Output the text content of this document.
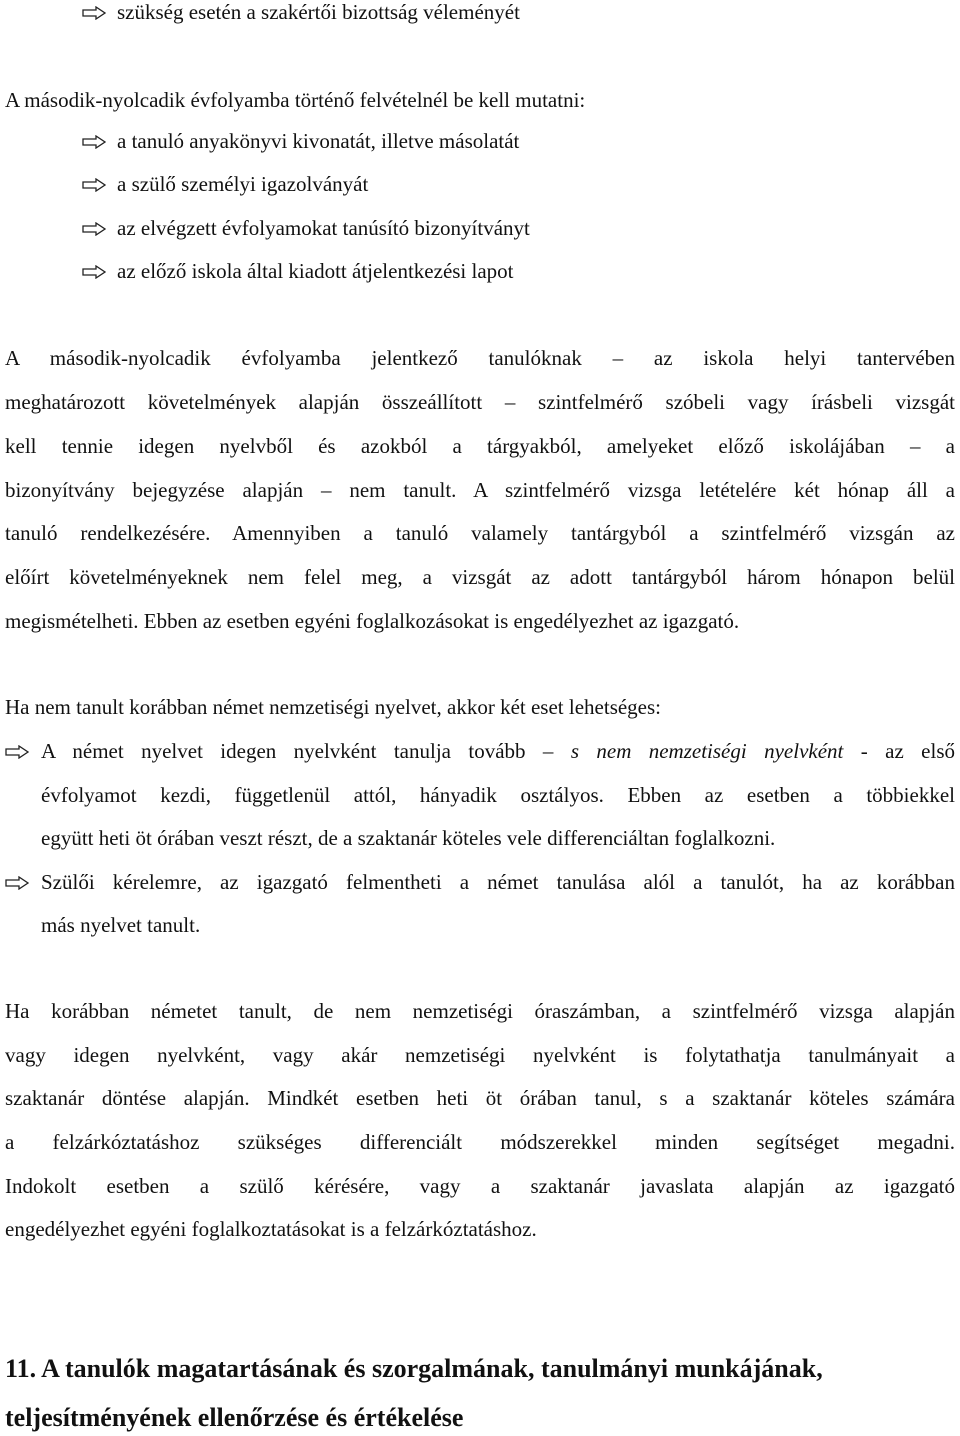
szükség esetén a szakértői bizottság véleményét
A második-nyolcadik évfolyamba történő felvételnél be kell mutatni:
a tanuló anyakönyvi kivonatát, illetve másolatát
a szülő személyi igazolványát
az elvégzett évfolyamokat tanúsító bizonyítványt
az előző iskola által kiadott átjelentkezési lapot
A második-nyolcadik évfolyamba jelentkező tanulóknak – az iskola helyi tantervében
meghatározott követelmények alapján összeállított – szintfelmérő szóbeli vagy írásbeli vizsgát
kell tennie idegen nyelvből és azokból a tárgyakból, amelyeket előző iskolájában – a
bizonyítvány bejegyzése alapján – nem tanult. A szintfelmérő vizsga letételére két hónap áll a
tanuló rendelkezésére. Amennyiben a tanuló valamely tantárgyból a szintfelmérő vizsgán az
előírt követelményeknek nem felel meg, a vizsgát az adott tantárgyból három hónapon belül
megismételheti. Ebben az esetben egyéni foglalkozásokat is engedélyezhet az igazgató.
Ha nem tanult korábban német nemzetiségi nyelvet, akkor két eset lehetséges:
A német nyelvet idegen nyelvként tanulja tovább – s nem nemzetiségi nyelvként - az első
évfolyamot kezdi, függetlenül attól, hányadik osztályos. Ebben az esetben a többiekkel
együtt heti öt órában veszt részt, de a szaktanár köteles vele differenciáltan foglalkozni.
Szülői kérelemre, az igazgató felmentheti a német tanulása alól a tanulót, ha az korábban
más nyelvet tanult.
Ha korábban németet tanult, de nem nemzetiségi óraszámban, a szintfelmérő vizsga alapján
vagy idegen nyelvként, vagy akár nemzetiségi nyelvként is folytathatja tanulmányait a
szaktanár döntése alapján. Mindkét esetben heti öt órában tanul, s a szaktanár köteles számára
a felzárkóztatáshoz szükséges differenciált módszerekkel minden segítséget megadni.
Indokolt esetben a szülő kérésére, vagy a szaktanár javaslata alapján az igazgató
engedélyezhet egyéni foglalkoztatásokat is a felzárkóztatáshoz.
11. A tanulók magatartásának és szorgalmának, tanulmányi munkájának,
teljesítményének ellenőrzése és értékelése
